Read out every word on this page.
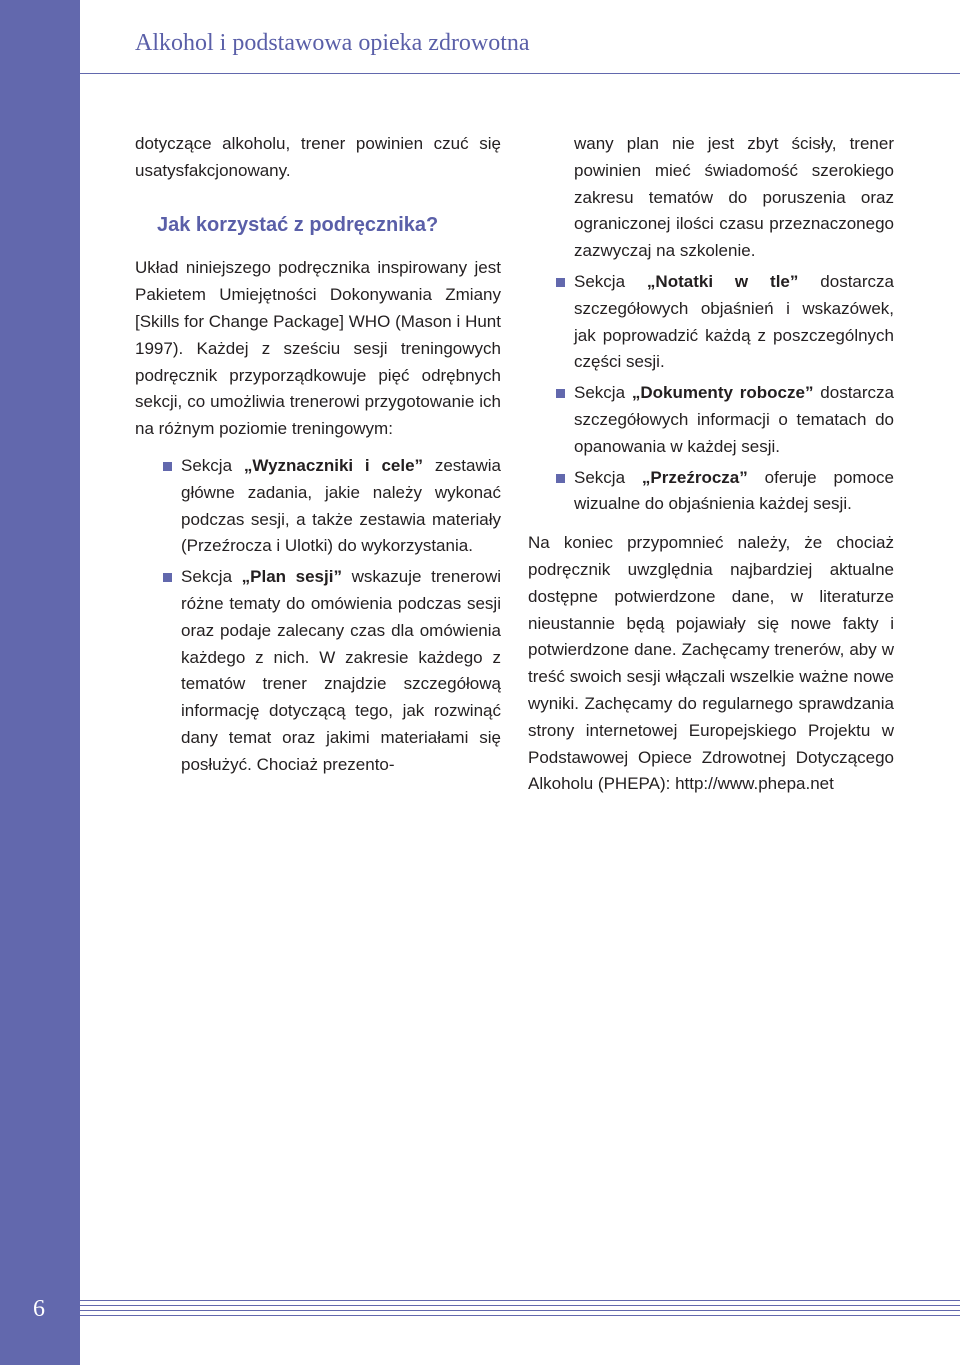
Alkohol i podstawowa opieka zdrowotna

dotyczące alkoholu, trener powinien czuć się usatysfakcjonowany.

Jak korzystać z podręcznika?

Układ niniejszego podręcznika inspirowany jest Pakietem Umiejętności Dokonywania Zmiany [Skills for Change Package] WHO (Mason i Hunt 1997). Każdej z sześciu sesji treningowych podręcznik przyporządkowuje pięć odrębnych sekcji, co umożliwia trenerowi przygotowanie ich na różnym poziomie treningowym:

Sekcja „Wyznaczniki i cele” zestawia główne zadania, jakie należy wykonać podczas sesji, a także zestawia materiały (Przeźrocza i Ulotki) do wykorzystania.
Sekcja „Plan sesji” wskazuje trenerowi różne tematy do omówienia podczas sesji oraz podaje zalecany czas dla omówienia każdego z nich. W zakresie każdego z tematów trener znajdzie szczegółową informację dotyczącą tego, jak rozwinąć dany temat oraz jakimi materiałami się posłużyć. Chociaż prezento-

wany plan nie jest zbyt ścisły, trener powinien mieć świadomość szerokiego zakresu tematów do poruszenia oraz ograniczonej ilości czasu przeznaczonego zazwyczaj na szkolenie.

Sekcja „Notatki w tle” dostarcza szczegółowych objaśnień i wskazówek, jak poprowadzić każdą z poszczególnych części sesji.
Sekcja „Dokumenty robocze” dostarcza szczegółowych informacji o tematach do opanowania w każdej sesji.
Sekcja „Przeźrocza” oferuje pomoce wizualne do objaśnienia każdej sesji.

Na koniec przypomnieć należy, że chociaż podręcznik uwzględnia najbardziej aktualne dostępne potwierdzone dane, w literaturze nieustannie będą pojawiały się nowe fakty i potwierdzone dane. Zachęcamy trenerów, aby w treść swoich sesji włączali wszelkie ważne nowe wyniki. Zachęcamy do regularnego sprawdzania strony internetowej Europejskiego Projektu w Podstawowej Opiece Zdrowotnej Dotyczącego Alkoholu (PHEPA): http://www.phepa.net

6
